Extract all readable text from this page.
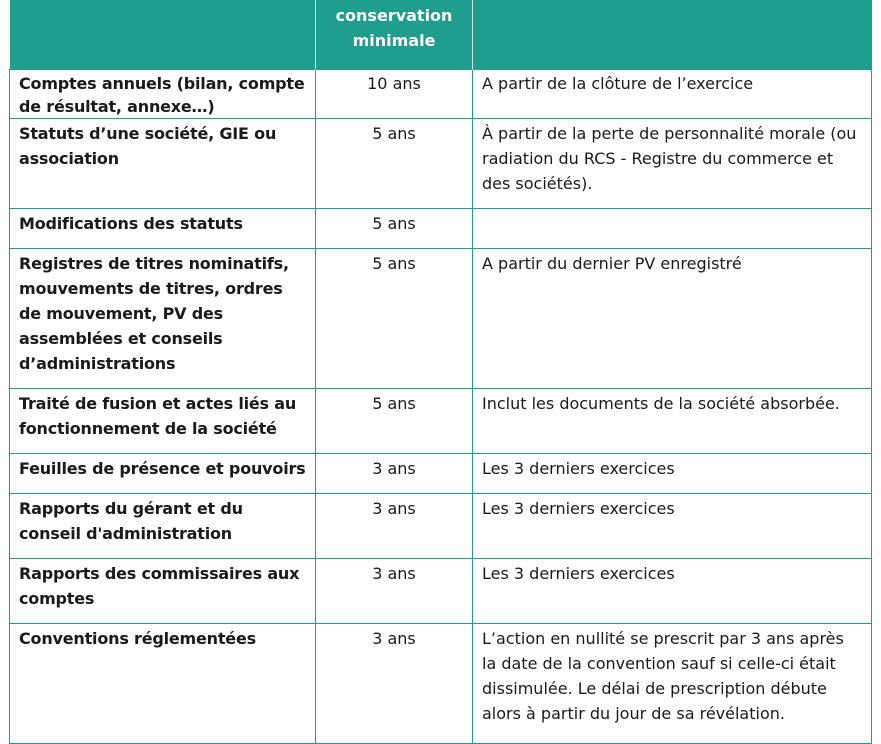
	conservation minimale	
Comptes annuels (bilan, compte de résultat, annexe…)	10 ans	A partir de la clôture de l’exercice
Statuts d’une société, GIE ou association	5 ans	À partir de la perte de personnalité morale (ou radiation du RCS - Registre du commerce et des sociétés).
Modifications des statuts	5 ans	
Registres de titres nominatifs, mouvements de titres, ordres de mouvement, PV des assemblées et conseils d’administrations	5 ans	A partir du dernier PV enregistré
Traité de fusion et actes liés au fonctionnement de la société	5 ans	Inclut les documents de la société absorbée.
Feuilles de présence et pouvoirs	3 ans	Les 3 derniers exercices
Rapports du gérant et du conseil d'administration	3 ans	Les 3 derniers exercices
Rapports des commissaires aux comptes	3 ans	Les 3 derniers exercices
Conventions réglementées	3 ans	L’action en nullité se prescrit par 3 ans après la date de la convention sauf si celle-ci était dissimulée. Le délai de prescription débute alors à partir du jour de sa révélation.
